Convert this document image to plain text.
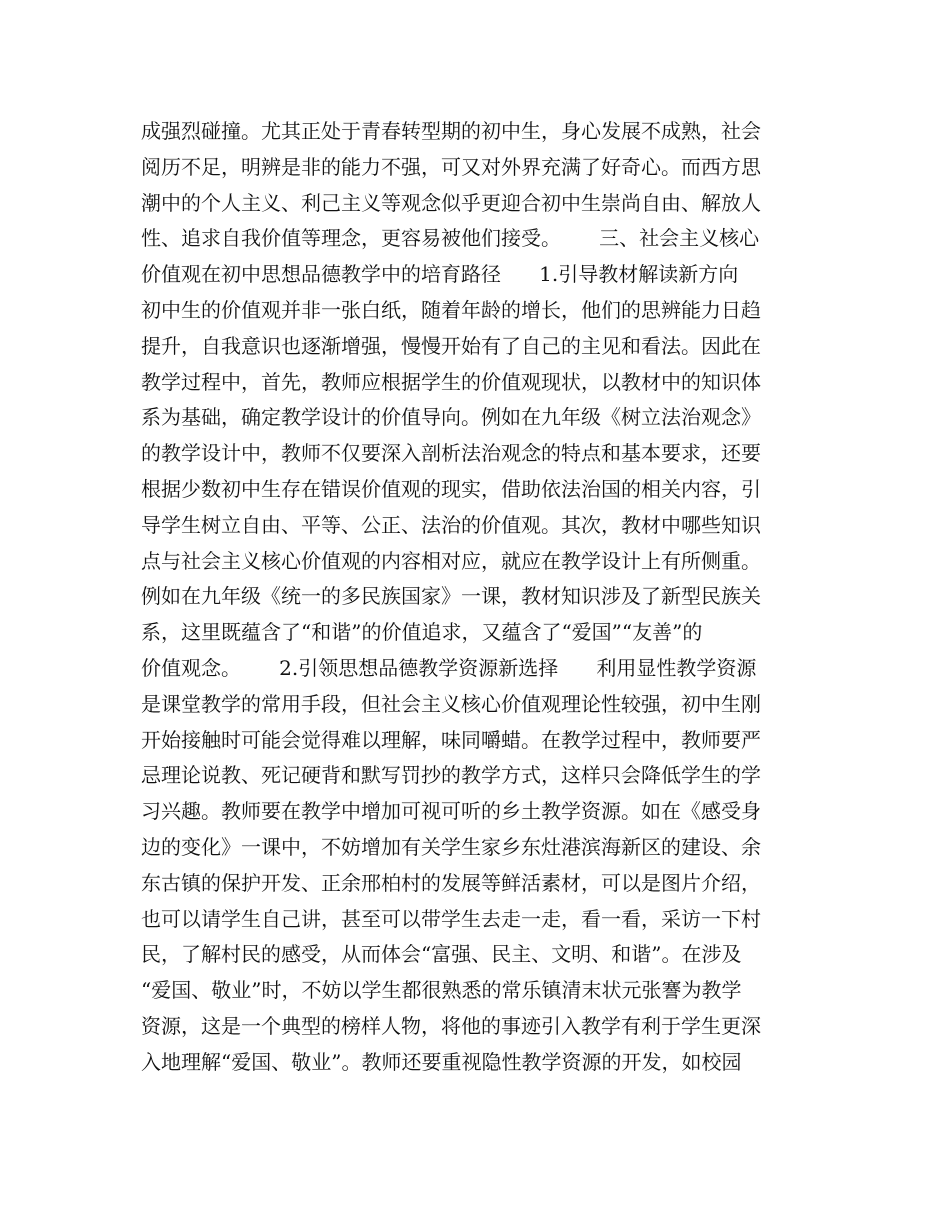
成强烈碰撞。尤其正处于青春转型期的初中生，身心发展不成熟，社会
阅历不足，明辨是非的能力不强，可又对外界充满了好奇心。而西方思
潮中的个人主义、利己主义等观念似乎更迎合初中生崇尚自由、解放人
性、追求自我价值等理念，更容易被他们接受。      三、社会主义核心
价值观在初中思想品德教学中的培育路径      1.引导教材解读新方向
初中生的价值观并非一张白纸，随着年龄的增长，他们的思辨能力日趋
提升，自我意识也逐渐增强，慢慢开始有了自己的主见和看法。因此在
教学过程中，首先，教师应根据学生的价值观现状，以教材中的知识体
系为基础，确定教学设计的价值导向。例如在九年级《树立法治观念》
的教学设计中，教师不仅要深入剖析法治观念的特点和基本要求，还要
根据少数初中生存在错误价值观的现实，借助依法治国的相关内容，引
导学生树立自由、平等、公正、法治的价值观。其次，教材中哪些知识
点与社会主义核心价值观的内容相对应，就应在教学设计上有所侧重。
例如在九年级《统一的多民族国家》一课，教材知识涉及了新型民族关
系，这里既蕴含了“和谐”的价值追求，又蕴含了“爱国”“友善”的
价值观念。      2.引领思想品德教学资源新选择      利用显性教学资源
是课堂教学的常用手段，但社会主义核心价值观理论性较强，初中生刚
开始接触时可能会觉得难以理解，味同嚼蜡。在教学过程中，教师要严
忌理论说教、死记硬背和默写罚抄的教学方式，这样只会降低学生的学
习兴趣。教师要在教学中增加可视可听的乡土教学资源。如在《感受身
边的变化》一课中，不妨增加有关学生家乡东灶港滨海新区的建设、余
东古镇的保护开发、正余邢柏村的发展等鲜活素材，可以是图片介绍，
也可以请学生自己讲，甚至可以带学生去走一走，看一看，采访一下村
民，了解村民的感受，从而体会“富强、民主、文明、和谐”。在涉及
“爱国、敬业”时，不妨以学生都很熟悉的常乐镇清末状元张謇为教学
资源，这是一个典型的榜样人物，将他的事迹引入教学有利于学生更深
入地理解“爱国、敬业”。教师还要重视隐性教学资源的开发，如校园
